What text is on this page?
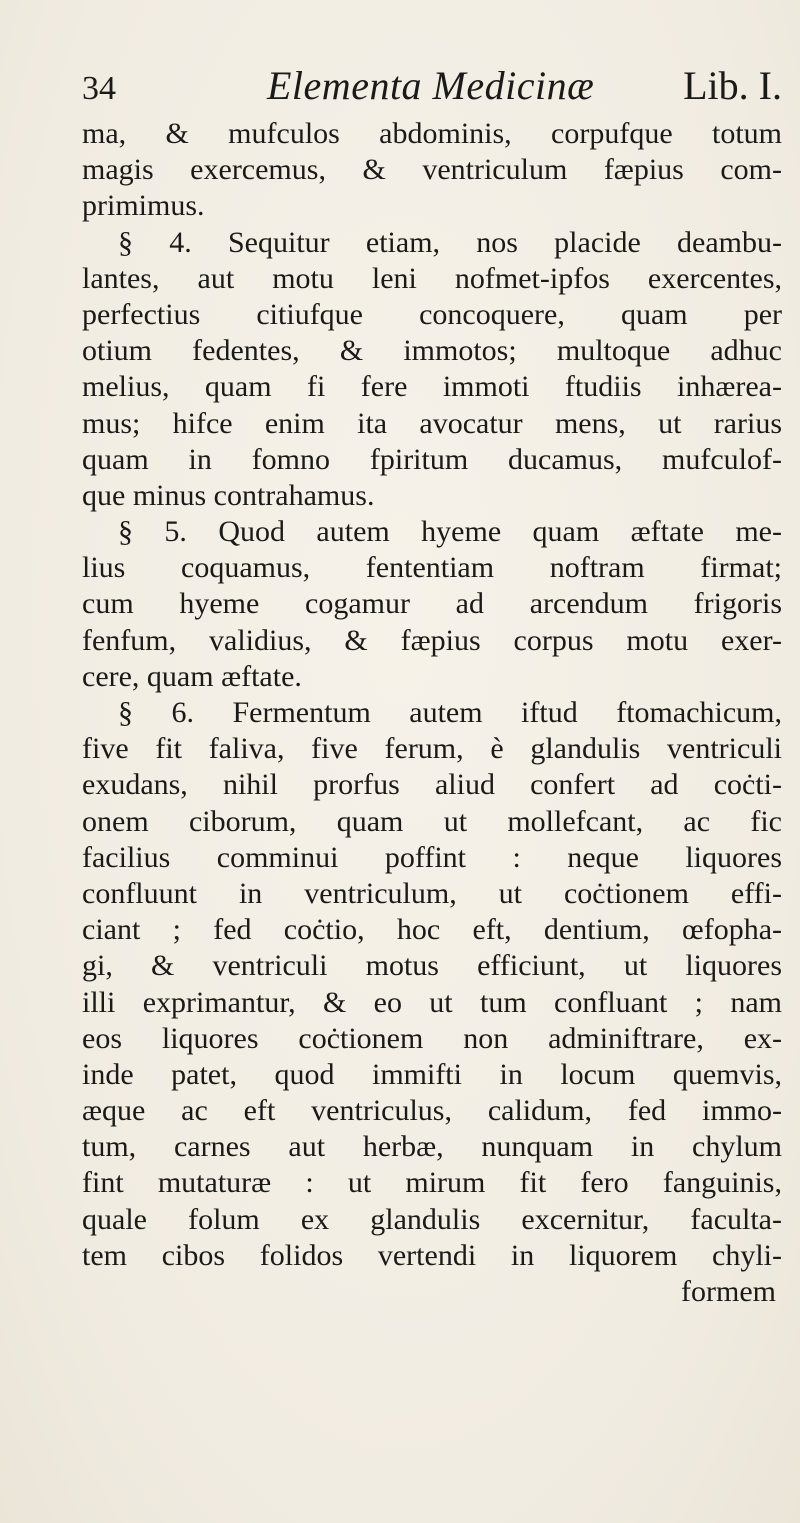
34	Elementa Medicinæ Lib. I.
ma, & mufculos abdominis, corpufque totum
magis exercemus, & ventriculum fæpius com-
primimus.
§ 4. Sequitur etiam, nos placide deambu-
lantes, aut motu leni nofmet-ipfos exercentes,
perfectius citiufque concoquere, quam per
otium fedentes, & immotos; multoque adhuc
melius, quam fi fere immoti ftudiis inhærea-
mus; hifce enim ita avocatur mens, ut rarius
quam in fomno fpiritum ducamus, mufculof-
que minus contrahamus.
§ 5. Quod autem hyeme quam æftate me-
lius coquamus, fententiam noftram firmat;
cum hyeme cogamur ad arcendum frigoris
fenfum, validius, & fæpius corpus motu exer-
cere, quam æftate.
§ 6. Fermentum autem iftud ftomachicum,
five fit faliva, five ferum, è glandulis ventriculi
exudans, nihil prorfus aliud confert ad coċti-
onem ciborum, quam ut mollefcant, ac fic
facilius comminui poffint : neque liquores
confluunt in ventriculum, ut coċtionem effi-
ciant ; fed coċtio, hoc eft, dentium, œfopha-
gi, & ventriculi motus efficiunt, ut liquores
illi exprimantur, & eo ut tum confluant ; nam
eos liquores coċtionem non adminiftrare, ex-
inde patet, quod immifti in locum quemvis,
æque ac eft ventriculus, calidum, fed immo-
tum, carnes aut herbæ, nunquam in chylum
fint mutaturæ : ut mirum fit fero fanguinis,
quale folum ex glandulis excernitur, faculta-
tem cibos folidos vertendi in liquorem chyli-
formem
